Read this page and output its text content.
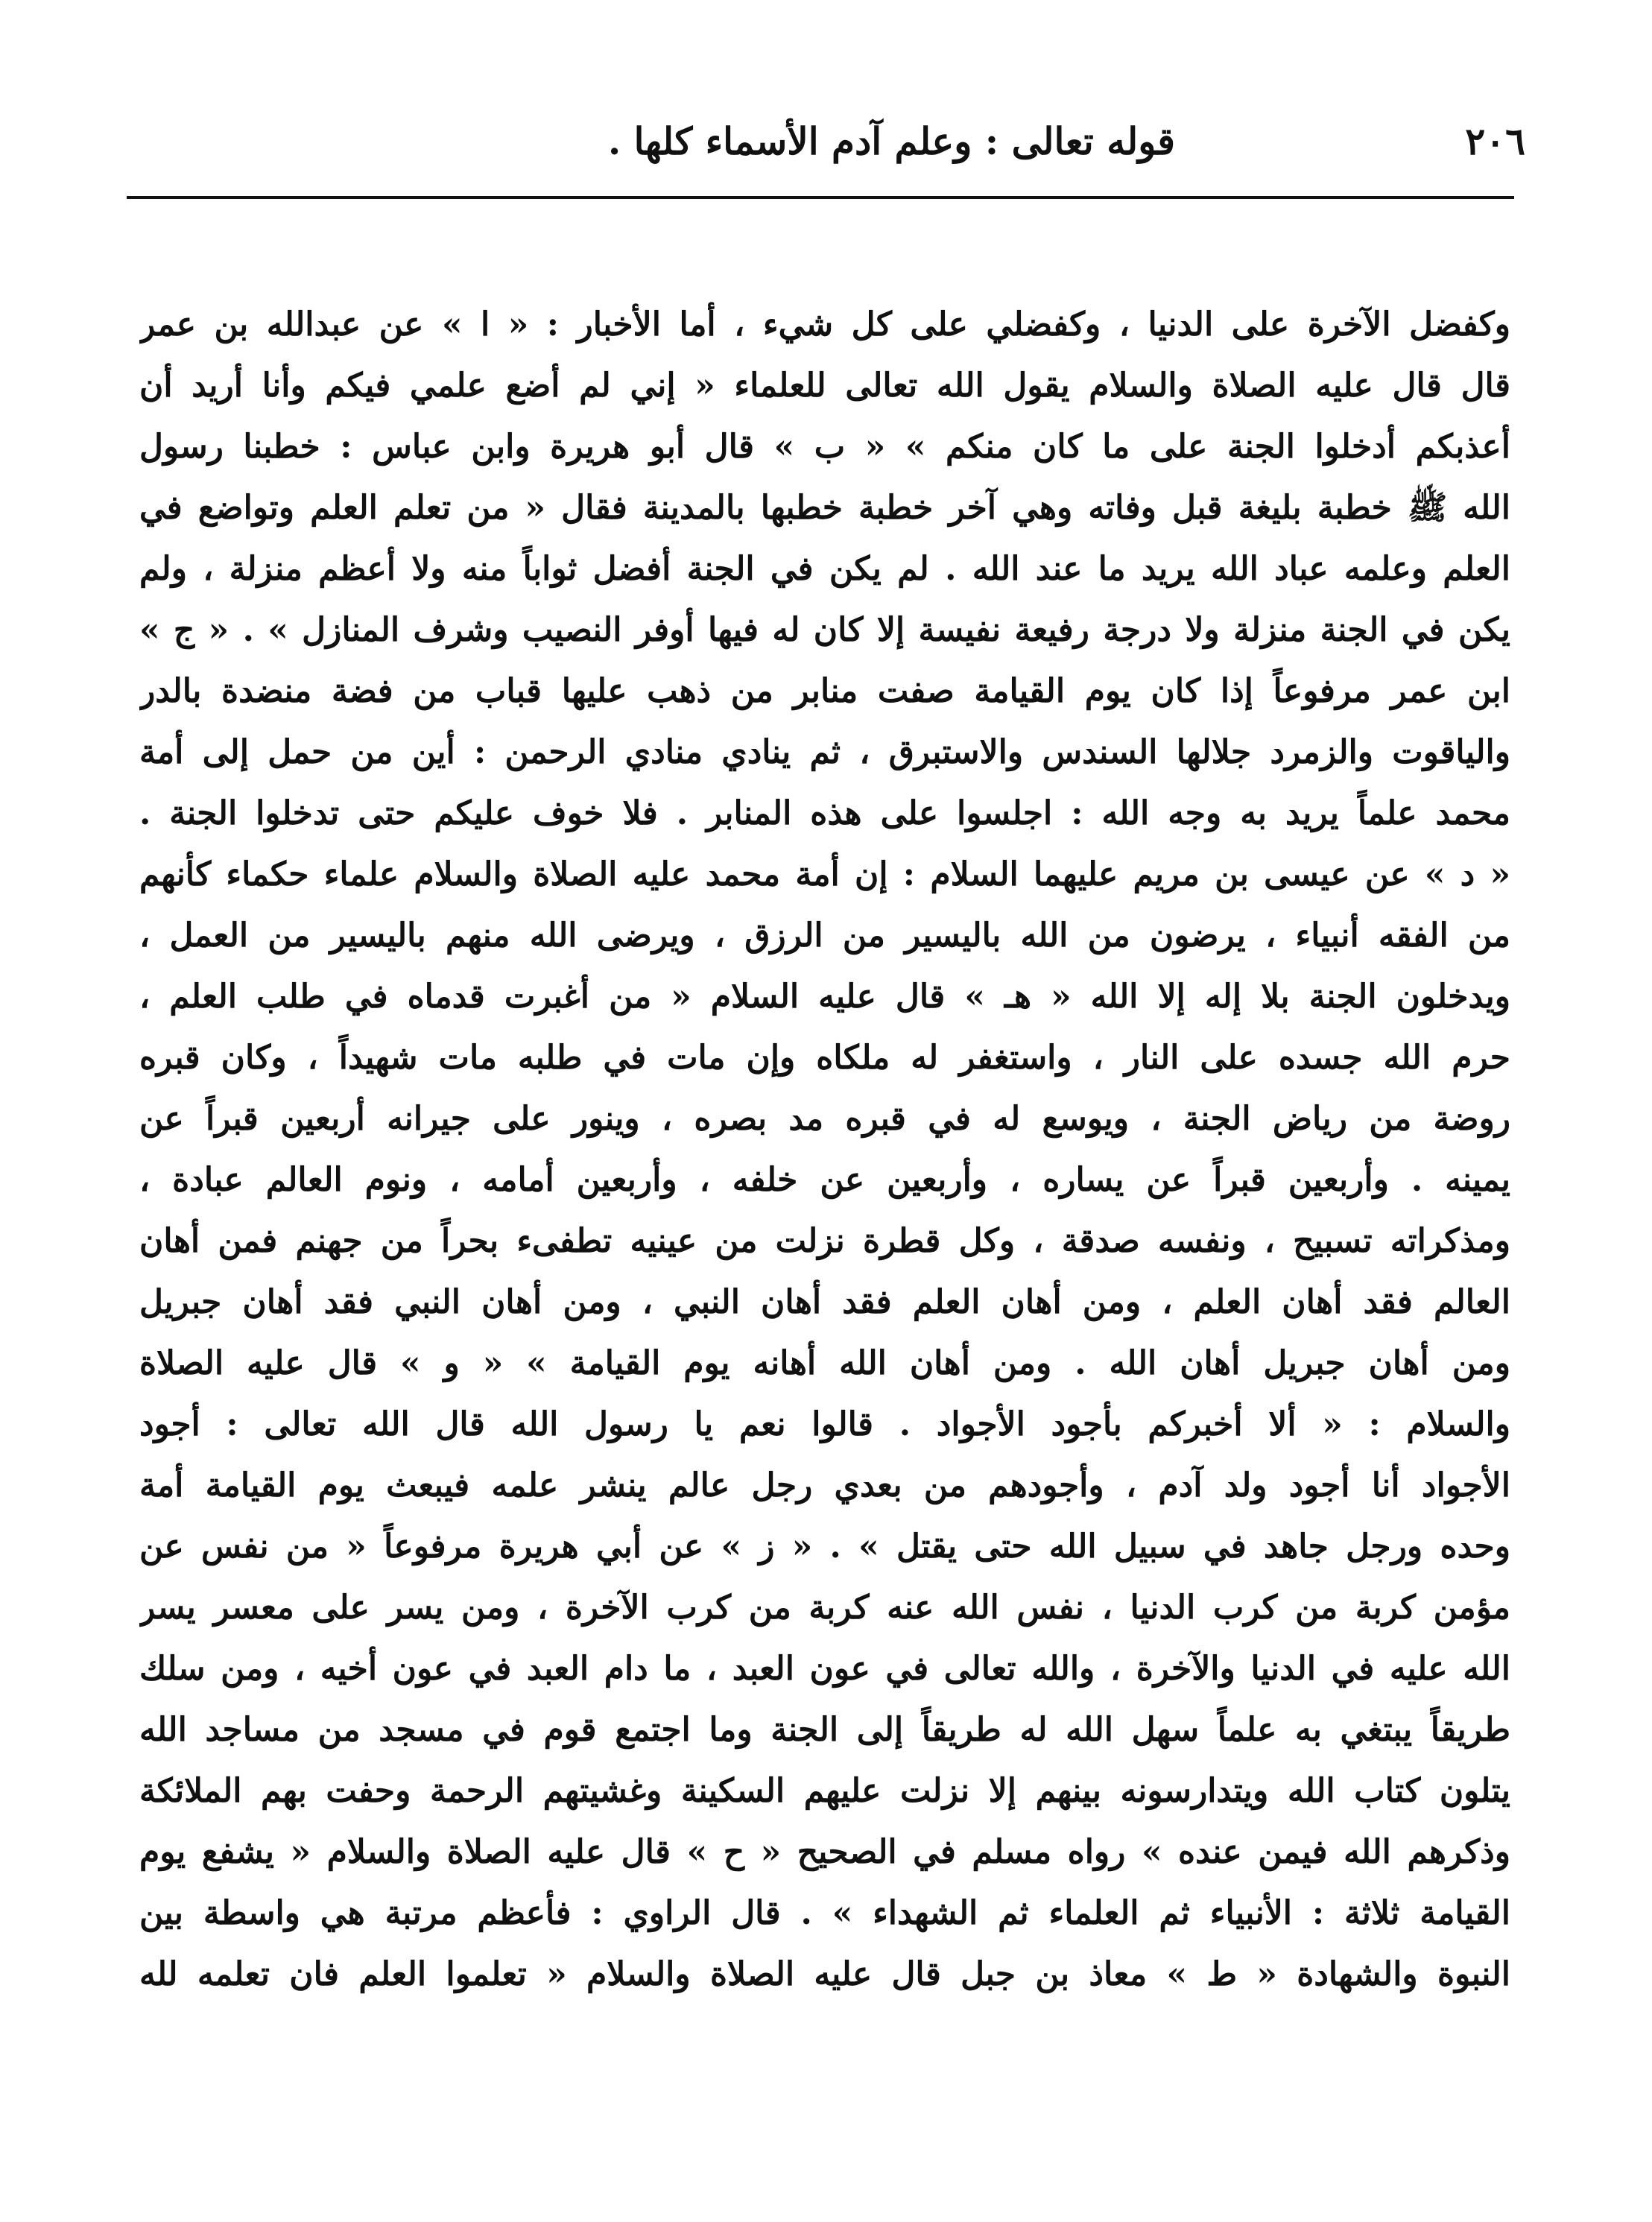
٢٠٦
قوله تعالى : وعلم آدم الأسماء كلها .
وكفضل الآخرة على الدنيا ، وكفضلي على كل شيء ، أما الأخبار : « ا » عن عبدالله بن عمر
قال قال عليه الصلاة والسلام يقول الله تعالى للعلماء « إني لم أضع علمي فيكم وأنا أريد أن
أعذبكم أدخلوا الجنة على ما كان منكم » « ب » قال أبو هريرة وابن عباس : خطبنا رسول
الله ﷺ خطبة بليغة قبل وفاته وهي آخر خطبة خطبها بالمدينة فقال « من تعلم العلم وتواضع في
العلم وعلمه عباد الله يريد ما عند الله . لم يكن في الجنة أفضل ثواباً منه ولا أعظم منزلة ، ولم
يكن في الجنة منزلة ولا درجة رفيعة نفيسة إلا كان له فيها أوفر النصيب وشرف المنازل » . « ج »
ابن عمر مرفوعاً إذا كان يوم القيامة صفت منابر من ذهب عليها قباب من فضة منضدة بالدر
والياقوت والزمرد جلالها السندس والاستبرق ، ثم ينادي منادي الرحمن : أين من حمل إلى أمة
محمد علماً يريد به وجه الله : اجلسوا على هذه المنابر . فلا خوف عليكم حتى تدخلوا الجنة .
« د » عن عيسى بن مريم عليهما السلام : إن أمة محمد عليه الصلاة والسلام علماء حكماء كأنهم
من الفقه أنبياء ، يرضون من الله باليسير من الرزق ، ويرضى الله منهم باليسير من العمل ،
ويدخلون الجنة بلا إله إلا الله « هـ » قال عليه السلام « من أغبرت قدماه في طلب العلم ،
حرم الله جسده على النار ، واستغفر له ملكاه وإن مات في طلبه مات شهيداً ، وكان قبره
روضة من رياض الجنة ، ويوسع له في قبره مد بصره ، وينور على جيرانه أربعين قبراً عن
يمينه . وأربعين قبراً عن يساره ، وأربعين عن خلفه ، وأربعين أمامه ، ونوم العالم عبادة ،
ومذكراته تسبيح ، ونفسه صدقة ، وكل قطرة نزلت من عينيه تطفىء بحراً من جهنم فمن أهان
العالم فقد أهان العلم ، ومن أهان العلم فقد أهان النبي ، ومن أهان النبي فقد أهان جبريل
ومن أهان جبريل أهان الله . ومن أهان الله أهانه يوم القيامة » « و » قال عليه الصلاة
والسلام : « ألا أخبركم بأجود الأجواد . قالوا نعم يا رسول الله قال الله تعالى : أجود
الأجواد أنا أجود ولد آدم ، وأجودهم من بعدي رجل عالم ينشر علمه فيبعث يوم القيامة أمة
وحده ورجل جاهد في سبيل الله حتى يقتل » . « ز » عن أبي هريرة مرفوعاً « من نفس عن
مؤمن كربة من كرب الدنيا ، نفس الله عنه كربة من كرب الآخرة ، ومن يسر على معسر يسر
الله عليه في الدنيا والآخرة ، والله تعالى في عون العبد ، ما دام العبد في عون أخيه ، ومن سلك
طريقاً يبتغي به علماً سهل الله له طريقاً إلى الجنة وما اجتمع قوم في مسجد من مساجد الله
يتلون كتاب الله ويتدارسونه بينهم إلا نزلت عليهم السكينة وغشيتهم الرحمة وحفت بهم الملائكة
وذكرهم الله فيمن عنده » رواه مسلم في الصحيح « ح » قال عليه الصلاة والسلام « يشفع يوم
القيامة ثلاثة : الأنبياء ثم العلماء ثم الشهداء » . قال الراوي : فأعظم مرتبة هي واسطة بين
النبوة والشهادة « ط » معاذ بن جبل قال عليه الصلاة والسلام « تعلموا العلم فان تعلمه لله
